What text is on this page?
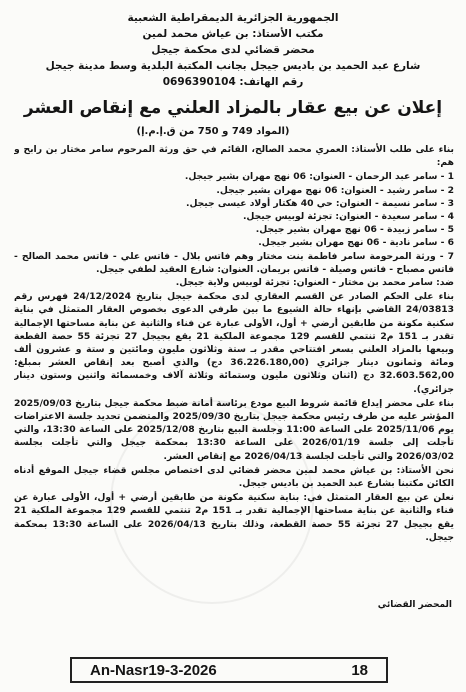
الجمهورية الجزائرية الديمقراطية الشعبية
مكتب الأستاذ: بن عياش محمد لمين
محضر قضائي لدى محكمة جيجل
شارع عبد الحميد بن باديس جيجل بجانب المكتبة البلدية وسط مدينة جيجل
رقم الهاتف: 0696390104
إعلان عن بيع عقار بالمزاد العلني مع إنقاص العشر
(المواد 749 و 750 من ق.إ.م.إ)

بناء على طلب الأستاذ: العمري محمد الصالح، القائم في حق ورثة المرحوم سامر مختار بن رابح و هم:

1 - سامر عبد الرحمان - العنوان: 06 نهج مهران بشير جيجل.
2 - سامر رشيد - العنوان: 06 نهج مهران بشير جيجل.
3 - سامر نسيمة - العنوان: حي 40 هكتار أولاد عيسى جيجل.
4 - سامر سعيدة - العنوان: تجزئة لوبيس جيجل.
5 - سامر زبيدة - 06 نهج مهران بشير جيجل.
6 - سامر نادية - 06 نهج مهران بشير جيجل.
7 - ورثة المرحومة سامر فاطمة بنت مختار وهم فاتس بلال - فاتس علي - فاتس محمد الصالح - فاتس مصباح - فاتس وصيلة - فاتس بريمان. العنوان: شارع العقيد لطفي جيجل.

ضد: سامر محمد بن مختار - العنوان: تجزئة لوبيس ولاية جيجل.

بناء على الحكم الصادر عن القسم العقاري لدى محكمة جيجل بتاريخ 24/12/2024 فهرس رقم 24/03813 القاضي بإنهاء حالة الشيوع ما بين طرفي الدعوى بخصوص العقار المتمثل في بناية سكنية مكونة من طابقين أرضي + أول، الأولى عبارة عن فناء والثانية عن بناية مساحتها الإجمالية تقدر بـ 151 م2 تنتمي للقسم 129 مجموعة الملكية 21 يقع بجيجل 27 تجزئة 55 حصة القطعة وبيعها بالمزاد العلني بسعر افتتاحي مقدر بـ ستة وثلاثون مليون ومائتين و ستة و عشرون ألف ومائة وثمانون دينار جزائري (36.226.180,00 دج) والذي أصبح بعد إنقاص العشر بمبلغ: 32.603.562,00 دج (اثنان وثلاثون مليون وستمائة وثلاثة آلاف وخمسمائة واثنين وستون دينار جزائري).

بناء على محضر إيداع قائمة شروط البيع مودع برئاسة أمانة ضبط محكمة جيجل بتاريخ 2025/09/03 المؤشر عليه من طرف رئيس محكمة جيجل بتاريخ 2025/09/30 والمتضمن تحديد جلسة الاعتراضات يوم 2025/11/06 على الساعة 11:00 وجلسة البيع بتاريخ 2025/12/08 على الساعة 13:30، والتي تأجلت إلى جلسة 2026/01/19 على الساعة 13:30 بمحكمة جيجل والتي تأجلت بجلسة 2026/03/02 والتي تأجلت لجلسة 2026/04/13 مع إنقاص العشر.

نحن الأستاذ: بن عياش محمد لمين محضر قضائي لدى اختصاص مجلس قضاء جيجل الموقع أدناه الكائن مكتبنا بشارع عبد الحميد بن باديس جيجل.

نعلن عن بيع العقار المتمثل في: بناية سكنية مكونة من طابقين أرضي + أول، الأولى عبارة عن فناء والثانية عن بناية مساحتها الإجمالية تقدر بـ 151 م2 تنتمي للقسم 129 مجموعة الملكية 21 يقع بجيجل 27 تجزئة 55 حصة القطعة، وذلك بتاريخ 2026/04/13 على الساعة 13:30 بمحكمة جيجل.

المحضر القضائي
An-Nasr19-3-2026	18
